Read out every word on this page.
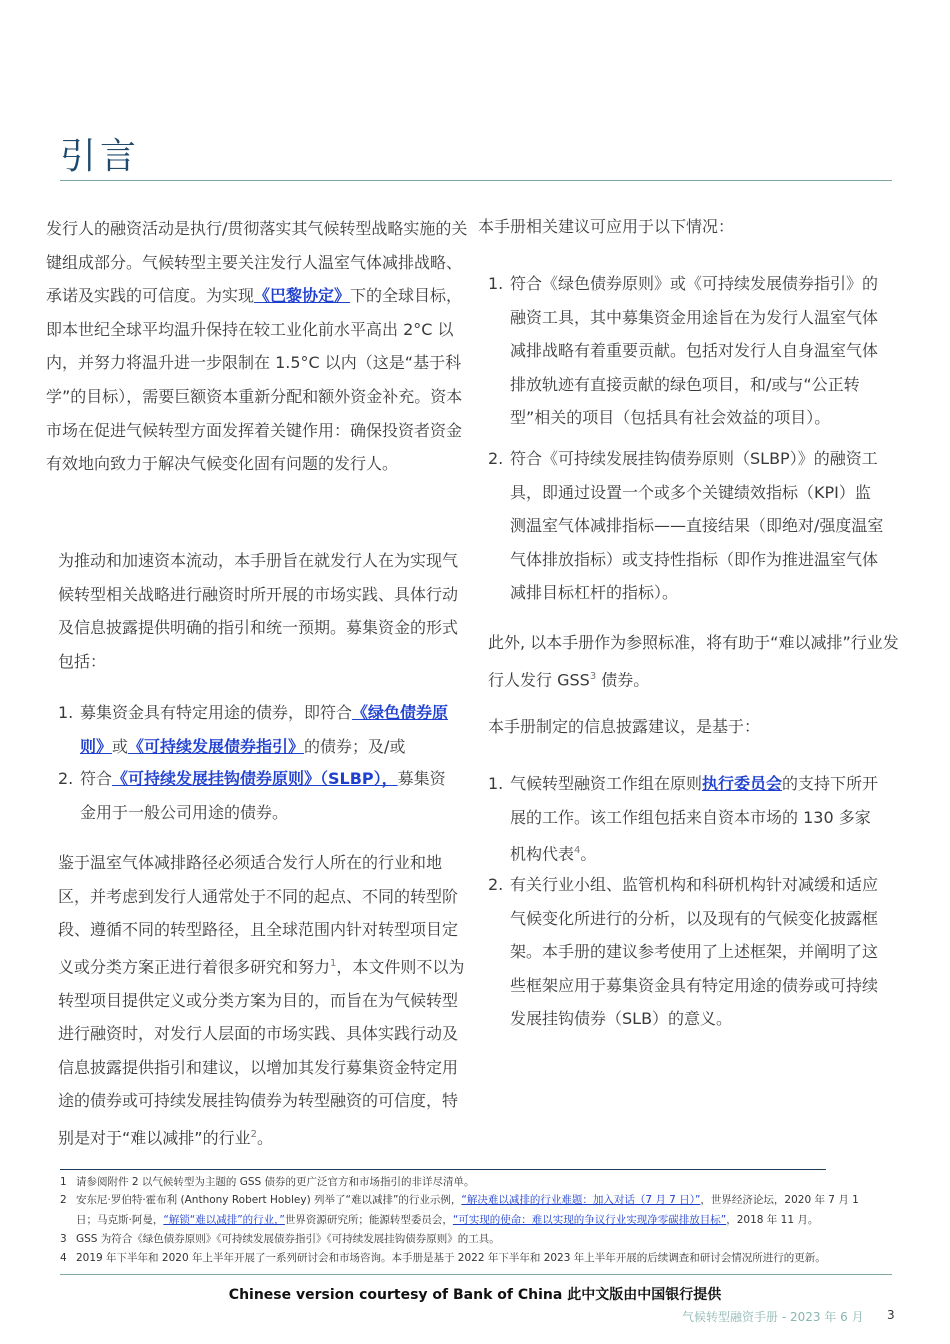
引言
发行人的融资活动是执行/贯彻落实其气候转型战略实施的关键组成部分。气候转型主要关注发行人温室气体减排战略、承诺及实践的可信度。为实现《巴黎协定》下的全球目标，即本世纪全球平均温升保持在较工业化前水平高出 2°C 以内，并努力将温升进一步限制在 1.5°C 以内（这是“基于科学”的目标），需要巨额资本重新分配和额外资金补充。资本市场在促进气候转型方面发挥着关键作用：确保投资者资金有效地向致力于解决气候变化固有问题的发行人。
为推动和加速资本流动，本手册旨在就发行人在为实现气候转型相关战略进行融资时所开展的市场实践、具体行动及信息披露提供明确的指引和统一预期。募集资金的形式包括：
1. 募集资金具有特定用途的债券，即符合《绿色债券原则》或《可持续发展债券指引》的债券；及/或
2. 符合《可持续发展挂钩债券原则》（SLBP），募集资金用于一般公司用途的债券。
鉴于温室气体减排路径必须适合发行人所在的行业和地区，并考虑到发行人通常处于不同的起点、不同的转型阶段、遵循不同的转型路径，且全球范围内针对转型项目定义或分类方案正进行着很多研究和努力$^1$，本文件则不以为转型项目提供定义或分类方案为目的，而旨在为气候转型进行融资时，对发行人层面的市场实践、具体实践行动及信息披露提供指引和建议，以增加其发行募集资金特定用途的债券或可持续发展挂钩债券为转型融资的可信度，特别是对于“难以减排”的行业$^2$。
本手册相关建议可应用于以下情况：
1. 符合《绿色债券原则》或《可持续发展债券指引》的融资工具，其中募集资金用途旨在为发行人温室气体减排战略有着重要贡献。包括对发行人自身温室气体排放轨迹有直接贡献的绿色项目，和/或与“公正转型”相关的项目（包括具有社会效益的项目）。
2. 符合《可持续发展挂钩债券原则（SLBP）》的融资工具，即通过设置一个或多个关键绩效指标（KPI）监测温室气体减排指标——直接结果（即绝对/强度温室气体排放指标）或支持性指标（即作为推进温室气体减排目标杠杆的指标）。
此外, 以本手册作为参照标准，将有助于“难以减排”行业发行人发行 GSS$^3$ 债券。
本手册制定的信息披露建议，是基于：
1. 气候转型融资工作组在原则执行委员会的支持下所开展的工作。该工作组包括来自资本市场的 130 多家机构代表$^4$。
2. 有关行业小组、监管机构和科研机构针对减缓和适应气候变化所进行的分析，以及现有的气候变化披露框架。本手册的建议参考使用了上述框架，并阐明了这些框架应用于募集资金具有特定用途的债券或可持续发展挂钩债券（SLB）的意义。
1 请参阅附件 2 以气候转型为主题的 GSS 债券的更广泛官方和市场指引的非详尽清单。
2 安东尼·罗伯特·霍布利 (Anthony Robert Hobley) 列举了“难以减排”的行业示例，“解决难以减排的行业难题：加入对话（7 月 7 日）”，世界经济论坛，2020 年 7 月 1 日；马克斯·阿曼，“解锁“难以减排”的行业，”世界资源研究所；能源转型委员会，“可实现的使命：难以实现的争议行业实现净零碳排放目标”，2018 年 11 月。
3 GSS 为符合《绿色债券原则》《可持续发展债券指引》《可持续发展挂钩债券原则》的工具。
4 2019 年下半年和 2020 年上半年开展了一系列研讨会和市场咨询。本手册是基于 2022 年下半年和 2023 年上半年开展的后续调查和研讨会情况所进行的更新。
Chinese version courtesy of Bank of China 此中文版由中国银行提供
气候转型融资手册 - 2023 年 6 月 3
